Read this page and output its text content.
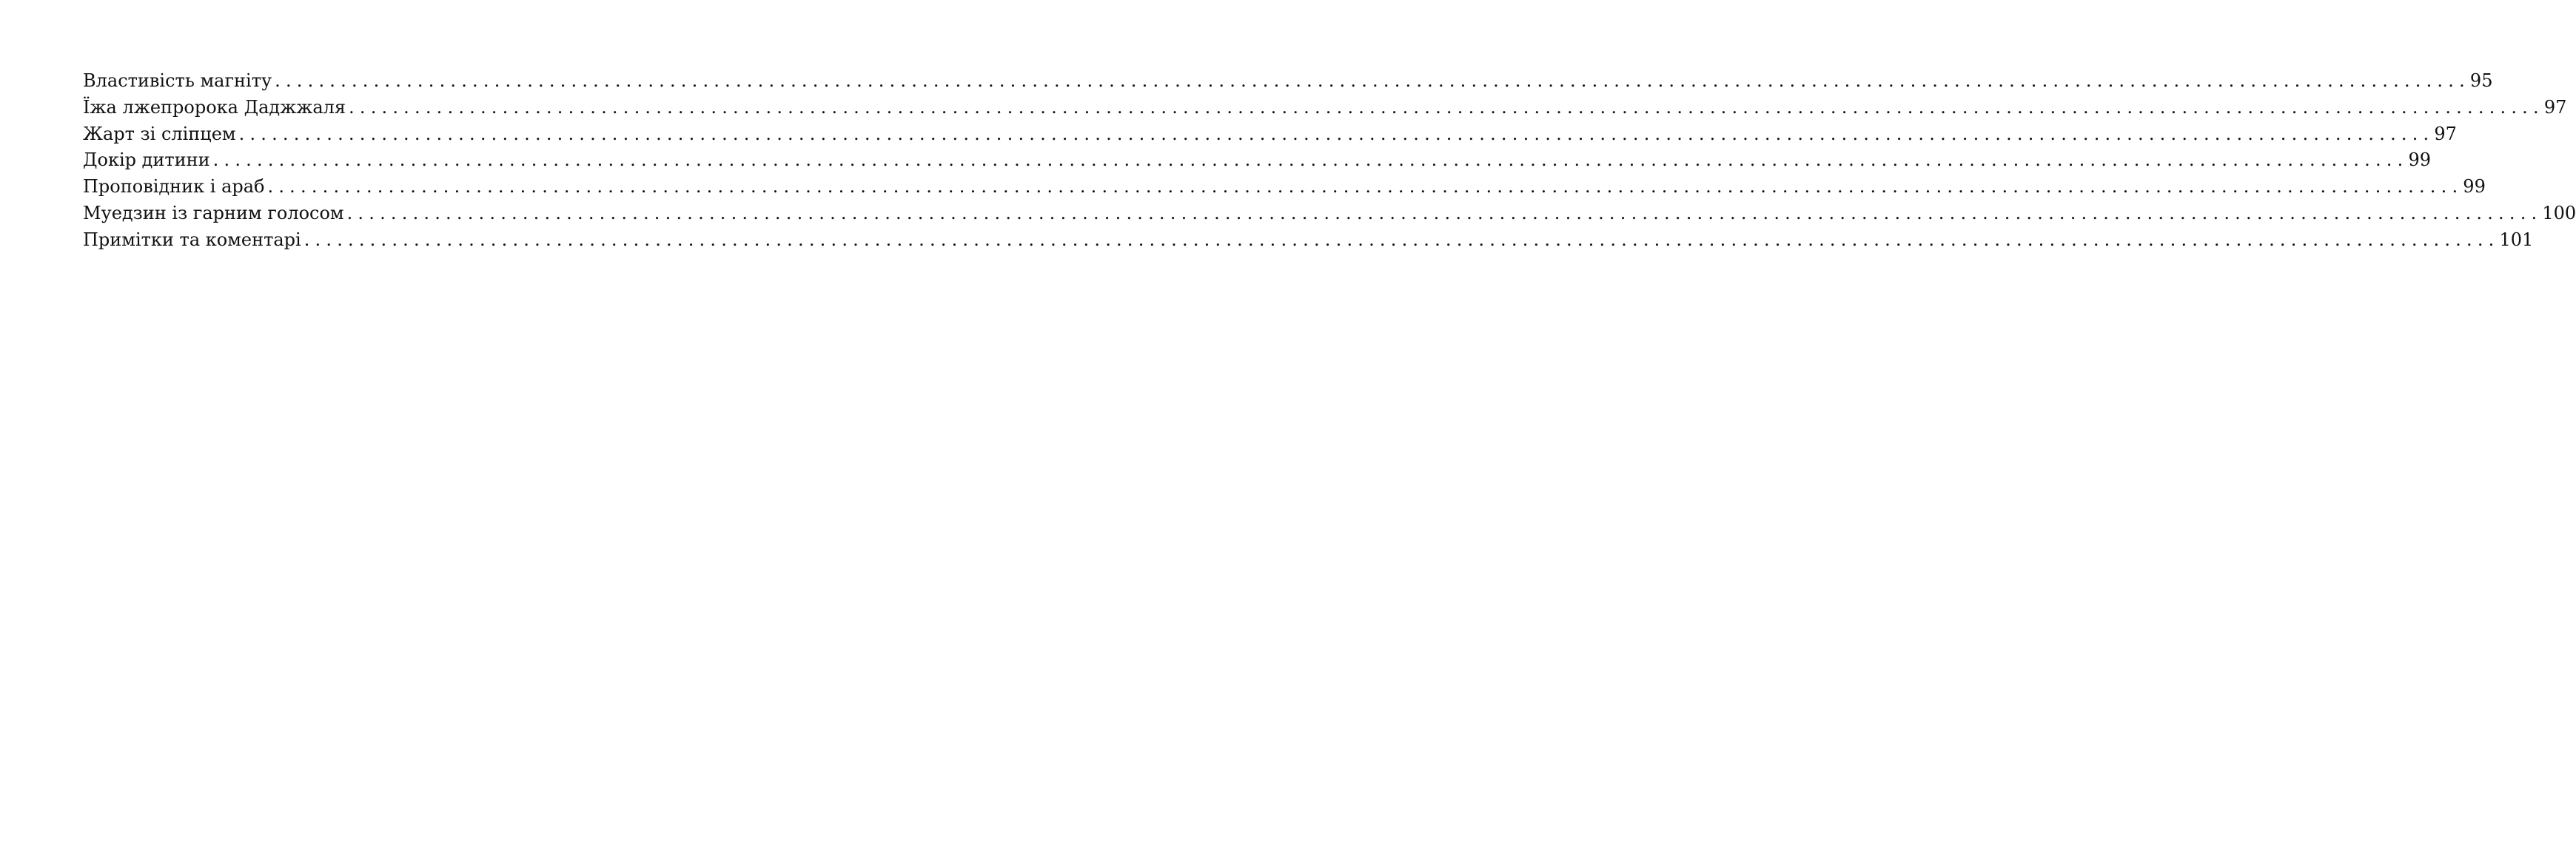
Властивість магніту ........................................................................................................................................................................................................ 95
Їжа лжепророка Даджжаля ........................................................................................................................................................................................................ 97
Жарт зі сліпцем ........................................................................................................................................................................................................ 97
Докір дитини ........................................................................................................................................................................................................ 99
Проповідник і араб ........................................................................................................................................................................................................ 99
Муедзин із гарним голосом ........................................................................................................................................................................................................ 100
Примітки та коментарі ........................................................................................................................................................................................................ 101
